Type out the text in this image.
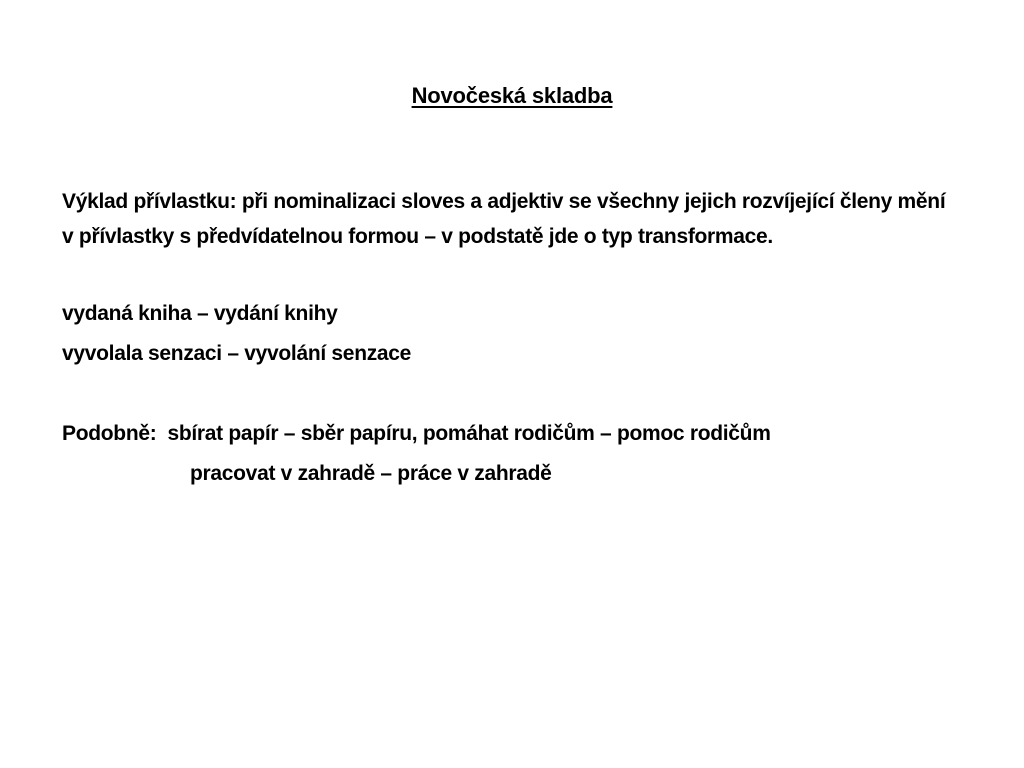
Novočeská skladba

Výklad přívlastku: při nominalizaci sloves a adjektiv se všechny jejich rozvíjející členy mění v přívlastky s předvídatelnou formou – v podstatě jde o typ transformace.

vydaná kniha – vydání knihy

vyvolala senzaci – vyvolání senzace

Podobně:  sbírat papír – sběr papíru, pomáhat rodičům – pomoc rodičům

pracovat v zahradě – práce v zahradě
